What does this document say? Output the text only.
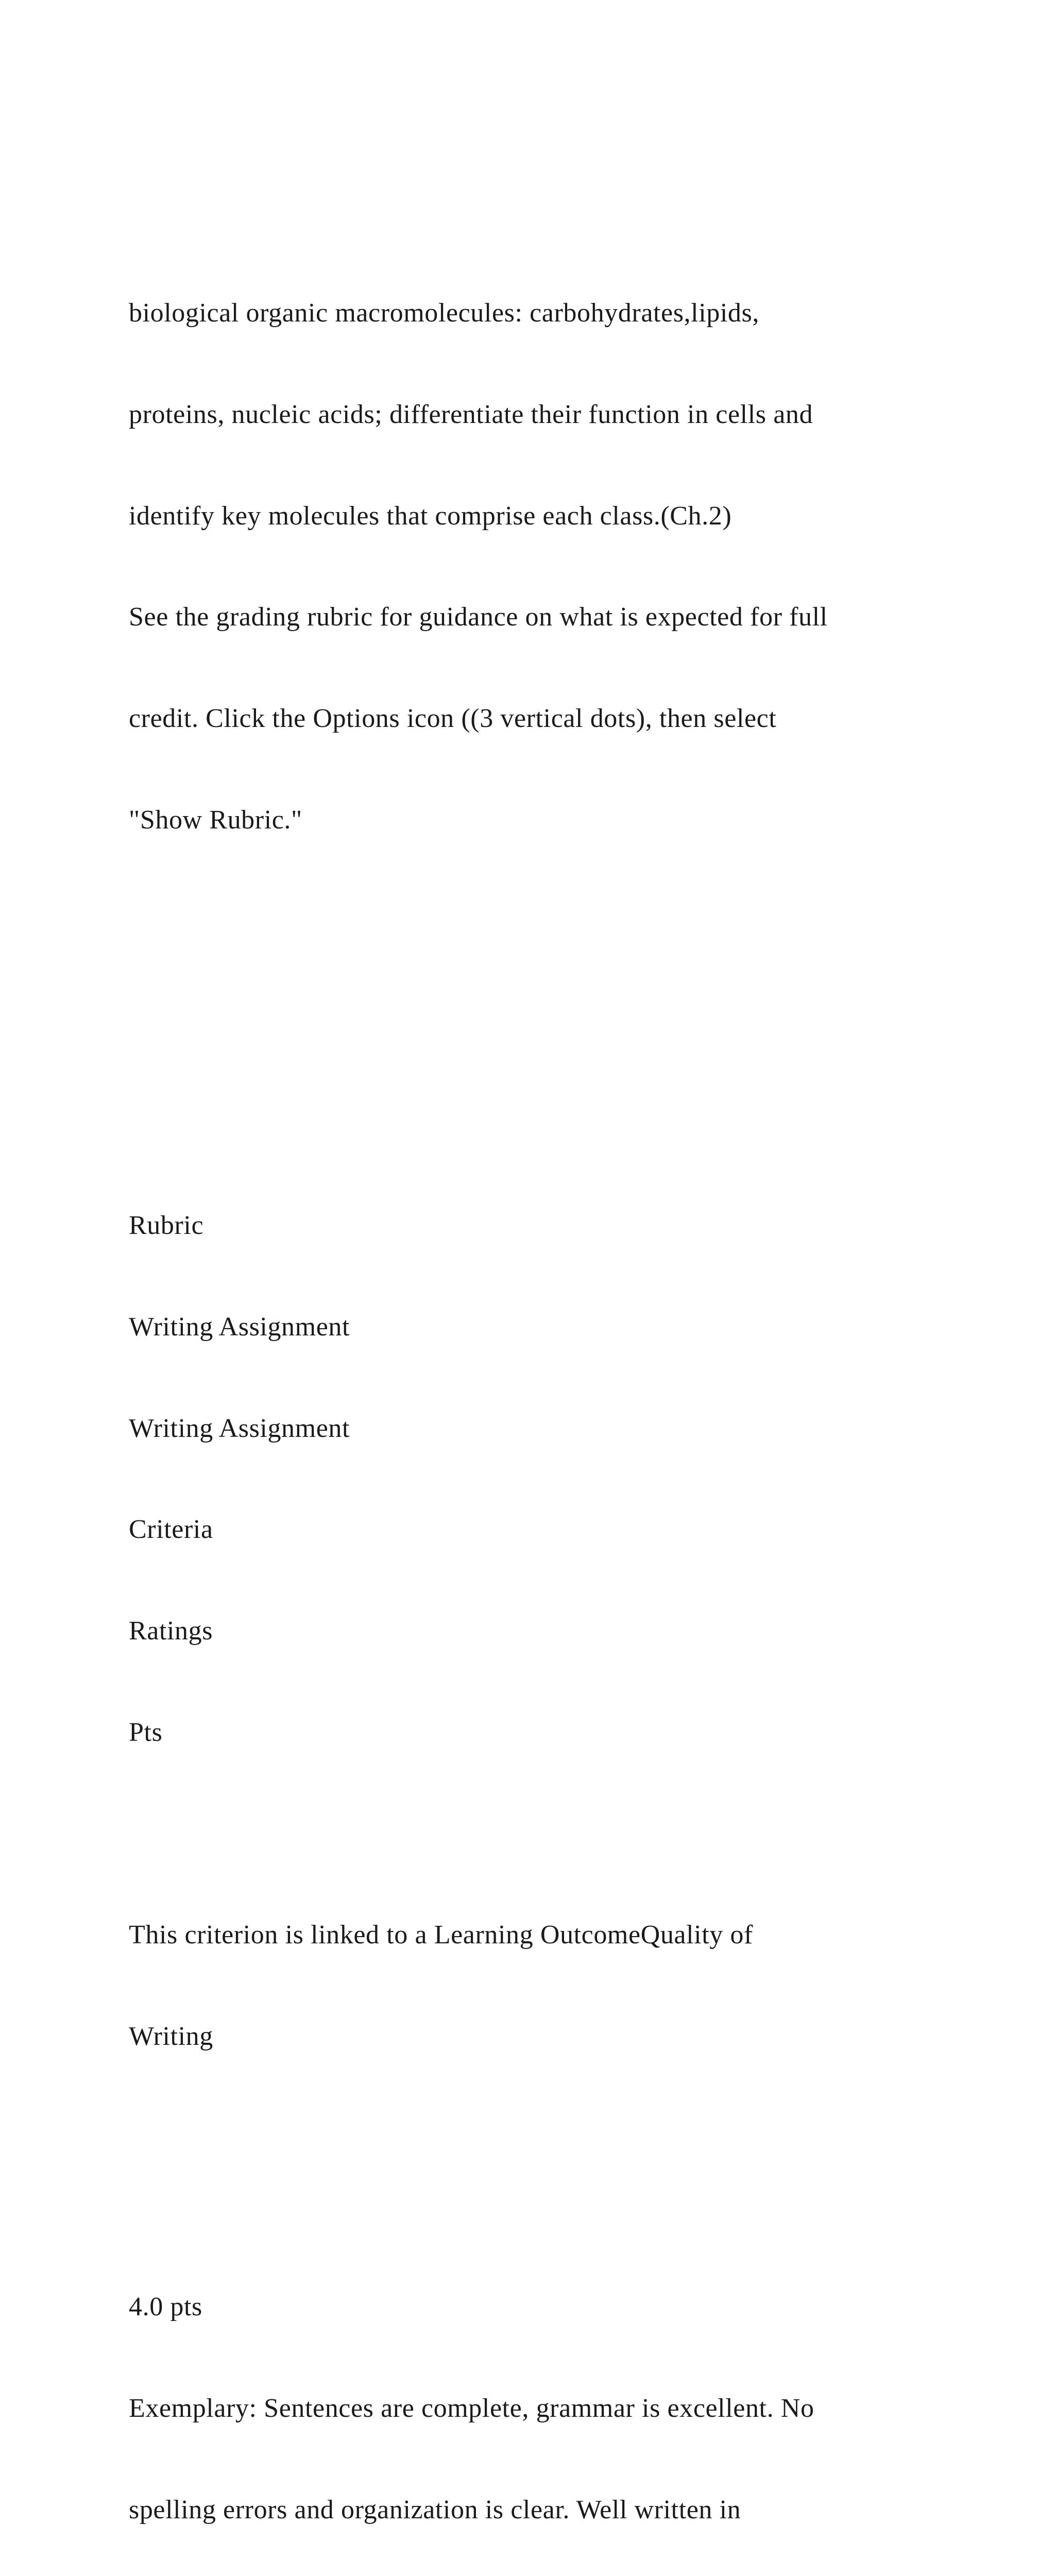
biological organic macromolecules: carbohydrates,lipids,

proteins, nucleic acids; differentiate their function in cells and

identify key molecules that comprise each class.(Ch.2)

See the grading rubric for guidance on what is expected for full

credit. Click the Options icon ((3 vertical dots), then select

"Show Rubric."

Rubric

Writing Assignment

Writing Assignment

Criteria

Ratings

Pts

This criterion is linked to a Learning OutcomeQuality of

Writing

4.0 pts

Exemplary: Sentences are complete, grammar is excellent. No

spelling errors and organization is clear. Well written in
